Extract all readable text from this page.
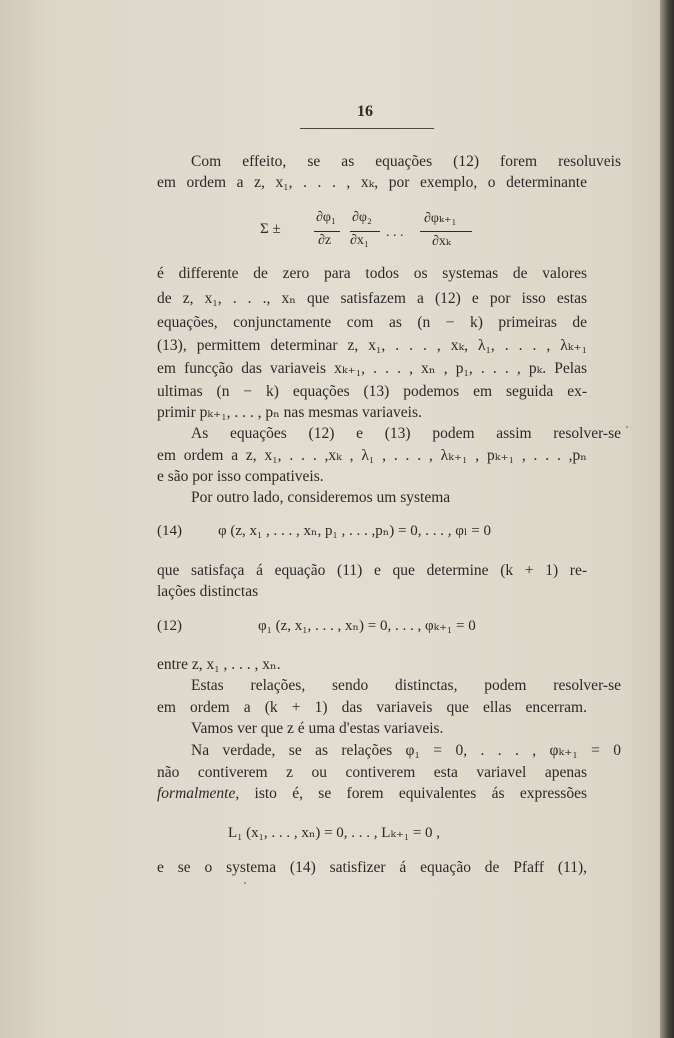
16
Com effeito, se as equações (12) forem resoluveis
em ordem a z, x₁, . . . , xₖ, por exemplo, o determinante
Σ ±
∂φ₁
∂z
∂φ₂
∂x₁
. . .
∂φₖ₊₁
∂xₖ
é differente de zero para todos os systemas de valores
de z, x₁, . . ., xₙ que satisfazem a (12) e por isso estas
equações, conjunctamente com as (n − k) primeiras de
(13), permittem determinar z, x₁, . . . , xₖ, λ₁, . . . , λₖ₊₁
em funcção das variaveis xₖ₊₁, . . . , xₙ , p₁, . . . , pₖ. Pelas
ultimas (n − k) equações (13) podemos em seguida ex-
primir pₖ₊₁, . . . , pₙ nas mesmas variaveis.
As equações (12) e (13) podem assim resolver-se
em ordem a z, x₁, . . . ,xₖ , λ₁ , . . . , λₖ₊₁ , pₖ₊₁ , . . . ,pₙ
e são por isso compativeis.
Por outro lado, consideremos um systema
(14) φ (z, x₁ , . . . , xₙ, p₁ , . . . ,pₙ) = 0, . . . , φₗ = 0
que satisfaça á equação (11) e que determine (k + 1) re-
lações distinctas
(12)	φ₁ (z, x₁, . . . , xₙ) = 0, . . . , φₖ₊₁ = 0
entre z, x₁ , . . . , xₙ.
Estas relações, sendo distinctas, podem resolver-se
em ordem a (k + 1) das variaveis que ellas encerram.
Vamos ver que z é uma d'estas variaveis.
Na verdade, se as relações φ₁ = 0, . . . , φₖ₊₁ = 0
não contiverem z ou contiverem esta variavel apenas
formalmente, isto é, se forem equivalentes ás expressões
L₁ (x₁, . . . , xₙ) = 0, . . . , Lₖ₊₁ = 0 ,
e se o systema (14) satisfizer á equação de Pfaff (11),
